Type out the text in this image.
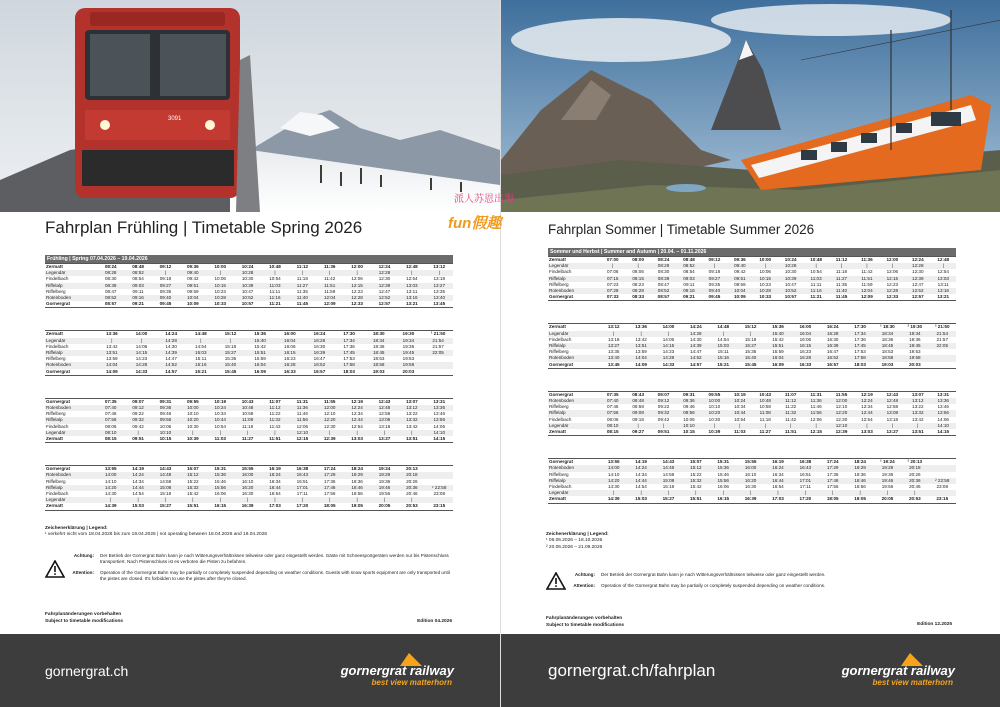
3091
Fahrplan Frühling | Timetable Spring 2026
Frühling | Spring 07.04.2026 – 19.04.2026
Zermatt	08:24	08:48	09:12	09:36	10:00	10:24	10:48	11:12	11:36	12:00	12:24	12:48	13:12
Legendär	08:28	08:52	|	09:40	|	10:28	|	|	|	|	12:28	|	|
Findelbach	08:30	08:54	09:18	09:42	10:06	10:30	10:54	11:18	11:42	12:06	12:30	12:54	13:18
Riffelalp	08:39	09:03	09:27	09:51	10:15	10:39	11:03	11:27	11:51	12:15	12:39	13:03	13:27
Riffelberg	08:47	09:11	09:35	09:59	10:23	10:47	11:11	11:35	11:59	12:23	12:47	13:11	13:35
Rotenboden	08:52	09:16	09:40	10:04	10:28	10:52	11:16	11:40	12:04	12:28	12:52	13:16	13:40
Gornergrat	08:57	09:21	09:45	10:09	10:33	10:57	11:21	11:45	12:09	12:33	12:57	13:21	13:45
Zermatt	13:36	14:00	14:24	14:48	15:12	15:36	16:00	16:24	17:30	18:30	19:30	¹ 21:50
Legendär	|	|	14:28	|	|	15:40	16:04	16:28	17:34	18:34	19:34	21:54
Findelbach	13:42	14:06	14:30	14:54	15:18	15:42	16:06	16:30	17:36	18:36	19:36	21:57
Riffelalp	13:51	14:15	14:39	15:03	15:27	15:51	16:15	16:39	17:45	18:45	19:45	22:05
Riffelberg	13:59	14:23	14:47	15:11	15:35	15:59	16:23	16:47	17:53	18:53	19:53	
Rotenboden	14:04	14:28	14:52	15:16	15:40	16:04	16:28	16:52	17:58	18:58	19:58	
Gornergrat	14:09	14:33	14:57	15:21	15:45	16:09	16:33	16:57	18:03	19:03	20:03	
Gornergrat	07:35	09:07	09:31	09:55	10:19	10:43	11:07	11:31	11:55	12:19	12:43	13:07	13:31
Rotenboden	07:40	09:12	09:36	10:00	10:24	10:48	11:12	11:36	12:00	12:24	12:48	13:12	13:36
Riffelberg	07:46	09:22	09:46	10:10	10:34	10:58	11:22	11:46	12:10	12:34	12:58	13:22	13:46
Riffelalp	07:56	09:32	09:56	10:20	10:44	11:08	11:32	11:56	12:20	12:44	13:08	13:32	13:56
Findelbach	08:06	09:42	10:06	10:30	10:54	11:18	11:42	12:06	12:30	12:54	13:18	13:42	14:06
Legendär	08:10	|	10:10	|	|	|	|	12:10	|	|	|	|	14:10
Zermatt	08:15	09:51	10:15	10:39	11:03	11:27	11:51	12:15	12:39	13:03	13:27	13:51	14:15
Gornergrat	13:55	14:19	14:43	15:07	15:31	15:55	16:19	16:38	17:24	18:24	19:24	20:13	
Rotenboden	14:00	14:24	14:48	15:12	15:36	16:00	16:24	16:43	17:29	18:29	19:29	20:18	
Riffelberg	14:10	14:34	14:58	15:22	15:46	16:10	16:34	16:51	17:36	18:36	19:36	20:26	
Riffelalp	14:20	14:44	15:08	15:32	15:56	16:20	16:44	17:01	17:46	18:46	19:46	20:36	¹ 22:58
Findelbach	14:30	14:54	15:18	15:42	16:06	16:30	16:54	17:11	17:56	18:56	19:56	20:46	23:08
Legendär	|	|	|	|	|	|	|	|	|	|	|	|	
Zermatt	14:39	15:03	15:27	15:51	16:15	16:39	17:03	17:20	18:05	19:05	20:05	20:53	23:15
Zeichenerklärung | Legend:
¹ verkehrt nicht vom 18.04.2026 bis zum 19.04.2026 | not operating between 18.04.2026 and 19.04.2026
Achtung:	Der Betrieb der Gornergrat Bahn kann je nach Witterungsverhältnissen teilweise oder ganz eingestellt werden. Gäste mit Schneesportgeräten werden nur bis Pistenschluss transportiert. Nach Pistenschluss ist es verboten die Pisten zu befahren.
Attention:	Operation of the Gornergrat Bahn may be partially or completely suspended depending on weather conditions. Guests with snow sports equipment are only transported until the pistes are closed. It's forbidden to use the pistes after they're closed.
Fahrplanänderungen vorbehalten
Subject to timetable modifications	Edition 04.2026
gornergrat.ch	gornergrat railway
best view matterhorn
Fahrplan Sommer | Timetable Summer 2026
Sommer und Herbst | Summer and Autumn | 20.04. – 01.11.2026
Zermatt	07:00	08:00	08:24	08:48	09:12	09:36	10:00	10:24	10:48	11:12	11:36	12:00	12:24	12:48
Legendär	|	|	08:28	08:52	|	09:40	|	10:28	|	|	|	|	12:28	|
Findelbach	07:06	08:06	08:30	08:54	09:18	09:42	10:06	10:30	10:54	11:18	11:42	12:06	12:30	12:54
Riffelalp	07:15	08:15	08:39	09:03	09:27	09:51	10:15	10:39	11:03	11:27	11:51	12:15	12:39	13:03
Riffelberg	07:23	08:23	08:47	09:11	09:35	09:59	10:23	10:47	11:11	11:35	11:59	12:23	12:47	13:11
Rotenboden	07:28	08:28	08:52	09:16	09:40	10:04	10:28	10:52	11:16	11:40	12:04	12:28	12:52	13:16
Gornergrat	07:33	08:33	08:57	09:21	09:45	10:09	10:33	10:57	11:21	11:45	12:09	12:33	12:57	13:21
Zermatt	13:12	13:36	14:00	14:24	14:48	15:12	15:36	16:00	16:24	17:30	¹ 18:30	² 19:30	² 21:50
Legendär	|	|	|	14:28	|	|	15:40	16:04	16:28	17:34	18:34	19:34	21:54
Findelbach	13:18	13:42	14:06	14:30	14:54	15:18	15:42	16:06	16:30	17:36	18:36	19:36	21:57
Riffelalp	13:27	13:51	14:15	14:39	15:03	15:27	15:51	16:15	16:39	17:45	18:45	19:45	22:05
Riffelberg	13:35	13:59	14:23	14:47	15:11	15:35	15:59	16:23	16:47	17:53	18:53	19:53	
Rotenboden	13:40	14:04	14:28	14:52	15:16	15:40	16:04	16:28	16:52	17:58	18:58	19:58	
Gornergrat	13:45	14:09	14:33	14:57	15:21	15:45	16:09	16:33	16:57	18:03	19:03	20:03	
Gornergrat	07:35	08:43	09:07	09:31	09:55	10:19	10:43	11:07	11:31	11:55	12:19	12:43	13:07	13:31
Rotenboden	07:40	08:48	09:12	09:36	10:00	10:24	10:48	11:12	11:36	12:00	12:24	12:48	13:12	13:36
Riffelberg	07:46	08:58	09:22	09:46	10:10	10:34	10:58	11:22	11:46	12:10	12:34	12:58	13:22	13:46
Riffelalp	07:56	09:08	09:32	09:56	10:20	10:44	11:08	11:32	11:56	12:20	12:44	13:08	13:32	13:56
Findelbach	08:06	09:18	09:42	10:06	10:30	10:54	11:18	11:42	12:06	12:30	12:54	13:18	13:42	14:06
Legendär	08:10	|	|	10:10	|	|	|	|	|	12:10	|	|	|	14:10
Zermatt	08:15	09:27	09:51	10:15	10:39	11:03	11:27	11:51	12:15	12:39	13:03	13:27	13:51	14:15
Gornergrat	13:55	14:19	14:43	15:07	15:31	15:55	16:19	16:38	17:24	18:24	¹ 19:24	² 20:13	
Rotenboden	14:00	14:24	14:48	15:12	15:36	16:00	16:24	16:43	17:29	18:29	19:29	20:18	
Riffelberg	14:10	14:34	14:58	15:22	15:46	16:10	16:34	16:51	17:36	18:36	19:36	20:26	
Riffelalp	14:20	14:44	15:08	15:32	15:56	16:20	16:44	17:01	17:46	18:46	19:46	20:36	² 22:58
Findelbach	14:30	14:54	15:18	15:42	16:06	16:30	16:54	17:11	17:56	18:56	19:56	20:46	23:08
Legendär	|	|	|	|	|	|	|	|	|	|	|	|	
Zermatt	14:39	15:03	15:27	15:51	16:15	16:39	17:03	17:20	18:05	19:05	20:05	20:53	23:15
Zeichenerklärung | Legend:
¹ 06.06.2026 – 18.10.2026
² 20.06.2026 – 21.09.2026
Achtung:	Der Betrieb der Gornergrat Bahn kann je nach Witterungsverhältnissen teilweise oder ganz eingestellt werden.
Attention:	Operation of the Gornergrat Bahn may be partially or completely suspended depending on weather conditions.
Fahrplanänderungen vorbehalten
Subject to timetable modifications	Edition 12.2025
gornergrat.ch/fahrplan	gornergrat railway
best view matterhorn
派人苏恩出海
fun假趣
